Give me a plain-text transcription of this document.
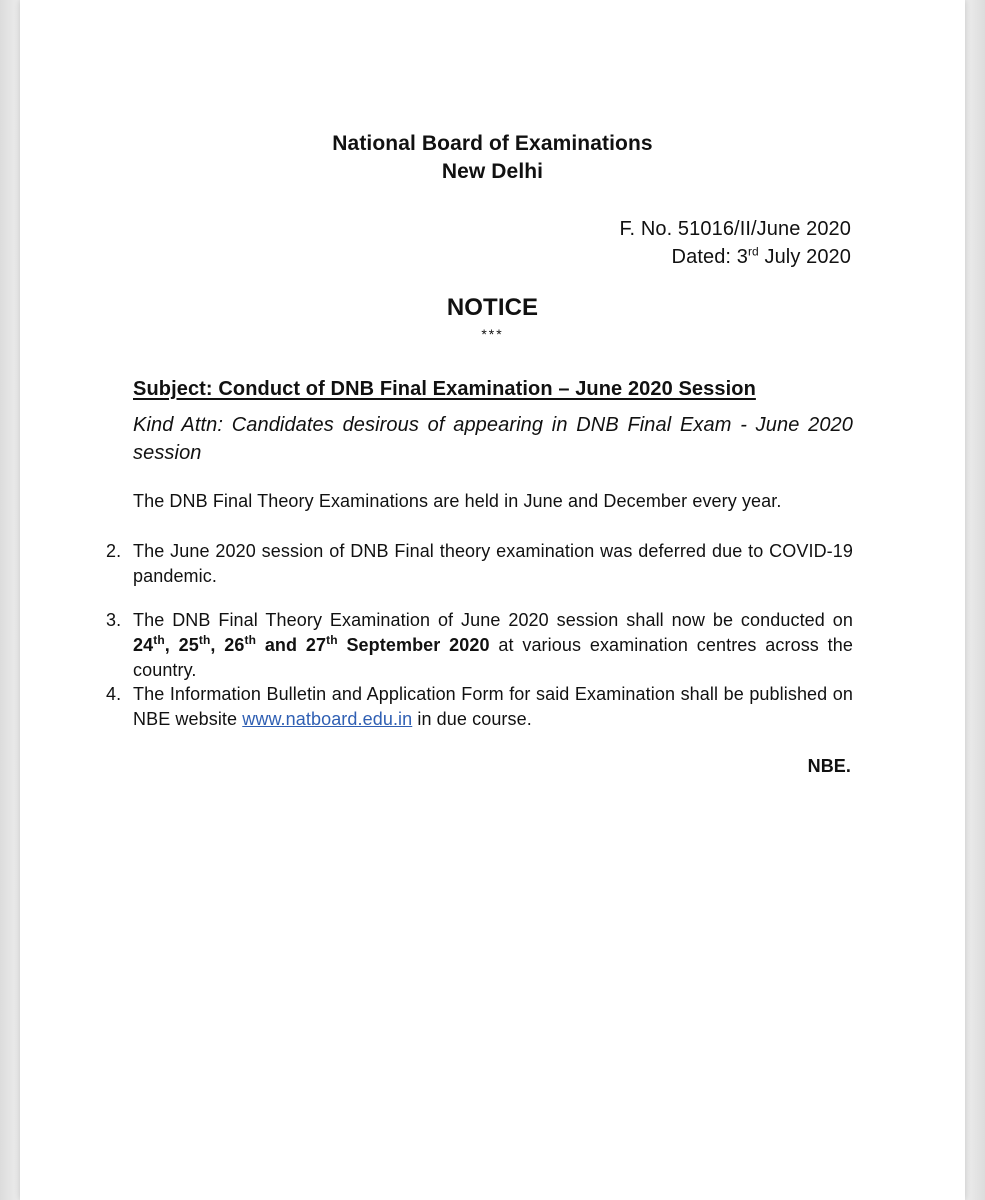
National Board of Examinations
New Delhi
F. No. 51016/II/June 2020
Dated: 3rd July 2020
NOTICE
***
Subject: Conduct of DNB Final Examination – June 2020 Session
Kind Attn: Candidates desirous of appearing in DNB Final Exam - June 2020 session
The DNB Final Theory Examinations are held in June and December every year.
2. The June 2020 session of DNB Final theory examination was deferred due to COVID-19 pandemic.
3. The DNB Final Theory Examination of June 2020 session shall now be conducted on 24th, 25th, 26th and 27th September 2020 at various examination centres across the country.
4. The Information Bulletin and Application Form for said Examination shall be published on NBE website www.natboard.edu.in in due course.
NBE.
